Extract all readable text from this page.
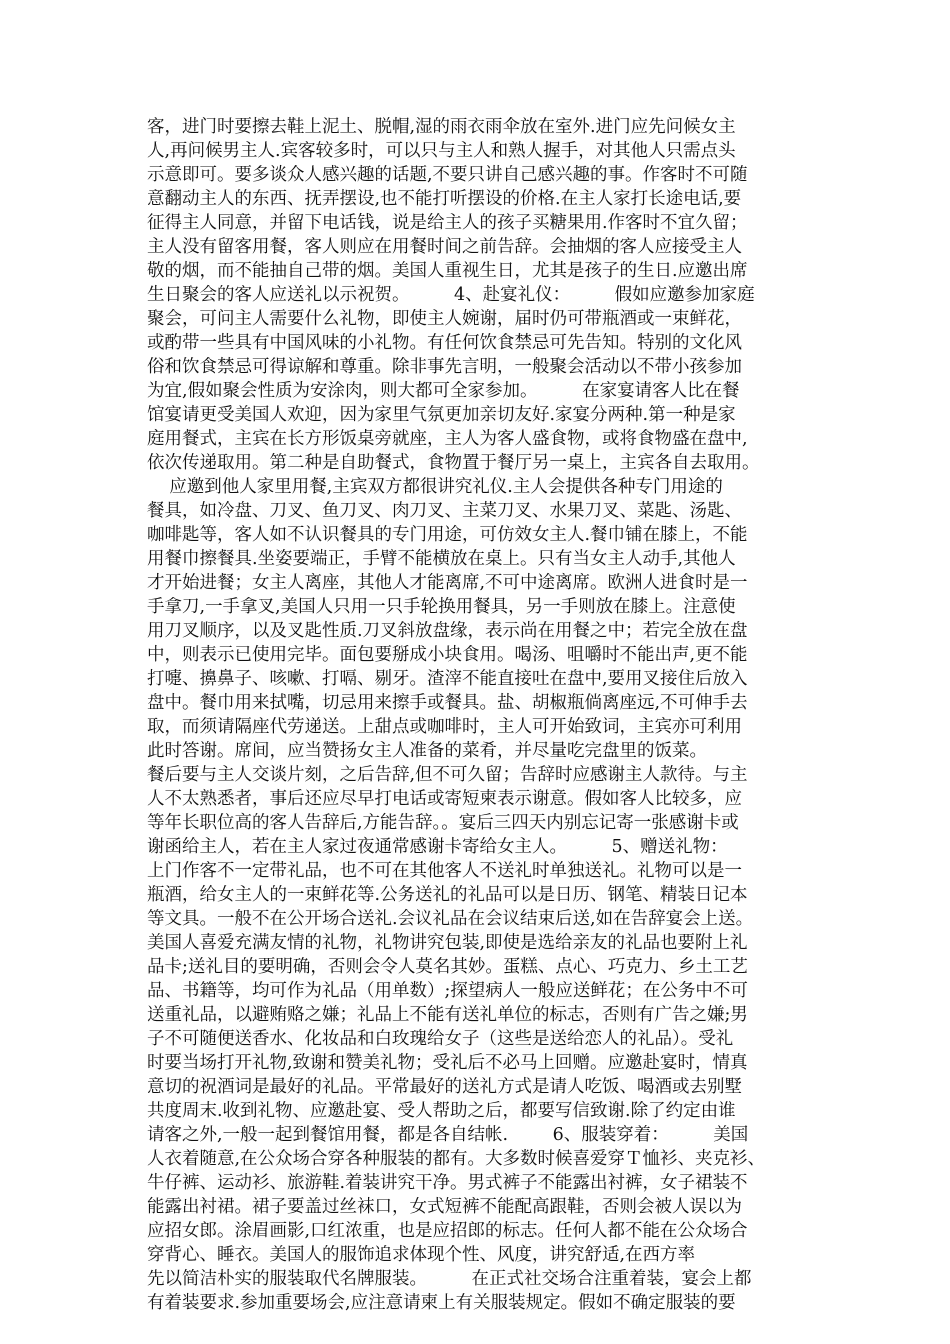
客，进门时要擦去鞋上泥土、脱帽,湿的雨衣雨伞放在室外.进门应先问候女主
人,再问候男主人.宾客较多时，可以只与主人和熟人握手，对其他人只需点头
示意即可。要多谈众人感兴趣的话题,不要只讲自己感兴趣的事。作客时不可随
意翻动主人的东西、抚弄摆设,也不能打听摆设的价格.在主人家打长途电话,要
征得主人同意，并留下电话钱，说是给主人的孩子买糖果用.作客时不宜久留；
主人没有留客用餐，客人则应在用餐时间之前告辞。会抽烟的客人应接受主人
敬的烟，而不能抽自己带的烟。美国人重视生日，尤其是孩子的生日.应邀出席
生日聚会的客人应送礼以示祝贺。        4、赴宴礼仪：        假如应邀参加家庭
聚会，可问主人需要什么礼物，即使主人婉谢，届时仍可带瓶酒或一束鲜花，
或酌带一些具有中国风味的小礼物。有任何饮食禁忌可先告知。特别的文化风
俗和饮食禁忌可得谅解和尊重。除非事先言明，一般聚会活动以不带小孩参加
为宜,假如聚会性质为安涂肉，则大都可全家参加。        在家宴请客人比在餐
馆宴请更受美国人欢迎，因为家里气氛更加亲切友好.家宴分两种.第一种是家
庭用餐式，主宾在长方形饭桌旁就座，主人为客人盛食物，或将食物盛在盘中,
依次传递取用。第二种是自助餐式，食物置于餐厅另一桌上，主宾各自去取用。
应邀到他人家里用餐,主宾双方都很讲究礼仪.主人会提供各种专门用途的
餐具，如冷盘、刀叉、鱼刀叉、肉刀叉、主菜刀叉、水果刀叉、菜匙、汤匙、
咖啡匙等，客人如不认识餐具的专门用途，可仿效女主人.餐巾铺在膝上，不能
用餐巾擦餐具.坐姿要端正，手臂不能横放在桌上。只有当女主人动手,其他人
才开始进餐；女主人离座，其他人才能离席,不可中途离席。欧洲人进食时是一
手拿刀,一手拿叉,美国人只用一只手轮换用餐具，另一手则放在膝上。注意使
用刀叉顺序，以及叉匙性质.刀叉斜放盘缘，表示尚在用餐之中；若完全放在盘
中，则表示已使用完毕。面包要掰成小块食用。喝汤、咀嚼时不能出声,更不能
打嚏、擤鼻子、咳嗽、打嗝、剔牙。渣滓不能直接吐在盘中,要用叉接住后放入
盘中。餐巾用来拭嘴，切忌用来擦手或餐具。盐、胡椒瓶倘离座远,不可伸手去
取，而须请隔座代劳递送。上甜点或咖啡时，主人可开始致词，主宾亦可利用
此时答谢。席间，应当赞扬女主人准备的菜肴，并尽量吃完盘里的饭菜。
餐后要与主人交谈片刻，之后告辞,但不可久留；告辞时应感谢主人款待。与主
人不太熟悉者，事后还应尽早打电话或寄短柬表示谢意。假如客人比较多，应
等年长职位高的客人告辞后,方能告辞。。宴后三四天内别忘记寄一张感谢卡或
谢函给主人，若在主人家过夜通常感谢卡寄给女主人。        5、赠送礼物：
上门作客不一定带礼品，也不可在其他客人不送礼时单独送礼。礼物可以是一
瓶酒，给女主人的一束鲜花等.公务送礼的礼品可以是日历、钢笔、精装日记本
等文具。一般不在公开场合送礼.会议礼品在会议结束后送,如在告辞宴会上送。
美国人喜爱充满友情的礼物，礼物讲究包装,即使是选给亲友的礼品也要附上礼
品卡;送礼目的要明确，否则会令人莫名其妙。蛋糕、点心、巧克力、乡土工艺
品、书籍等，均可作为礼品（用单数）;探望病人一般应送鲜花；在公务中不可
送重礼品，以避贿赂之嫌；礼品上不能有送礼单位的标志，否则有广告之嫌;男
子不可随便送香水、化妆品和白玫瑰给女子（这些是送给恋人的礼品）。受礼
时要当场打开礼物,致谢和赞美礼物；受礼后不必马上回赠。应邀赴宴时，情真
意切的祝酒词是最好的礼品。平常最好的送礼方式是请人吃饭、喝酒或去别墅
共度周末.收到礼物、应邀赴宴、受人帮助之后，都要写信致谢.除了约定由谁
请客之外,一般一起到餐馆用餐，都是各自结帐.        6、服装穿着：        美国
人衣着随意,在公众场合穿各种服装的都有。大多数时候喜爱穿Ｔ恤衫、夹克衫、
牛仔裤、运动衫、旅游鞋.着装讲究干净。男式裤子不能露出衬裤，女子裙装不
能露出衬裙。裙子要盖过丝袜口，女式短裤不能配高跟鞋，否则会被人误以为
应招女郎。涂眉画影,口红浓重，也是应招郎的标志。任何人都不能在公众场合
穿背心、睡衣。美国人的服饰追求体现个性、风度，讲究舒适,在西方率
先以简洁朴实的服装取代名牌服装。        在正式社交场合注重着装，宴会上都
有着装要求.参加重要场会,应注意请柬上有关服装规定。假如不确定服装的要
